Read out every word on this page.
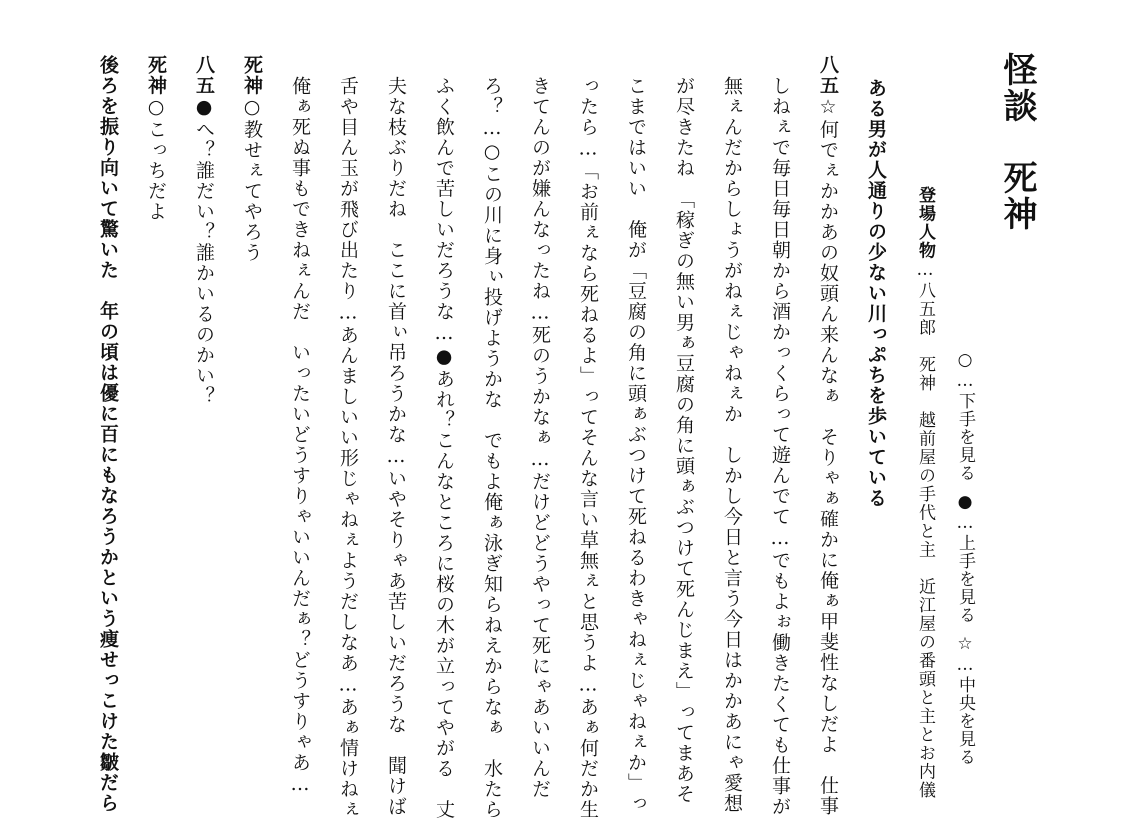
怪談　死神
○…下手を見る●…上手を見る☆…中央を見る
登場人物…八五郎　死神　越前屋の手代と主　近江屋の番頭と主とお内儀
ある男が人通りの少ない川っぷちを歩いている
八五☆何でぇかかあの奴頭ん来んなぁ　そりゃぁ確かに俺ぁ甲斐性なしだよ　仕事
しねぇで毎日毎日朝から酒かっくらって遊んでて…でもよぉ働きたくても仕事が
無ぇんだからしょうがねぇじゃねぇか　しかし今日と言う今日はかかあにゃ愛想
が尽きたね　「稼ぎの無い男ぁ豆腐の角に頭ぁぶつけて死んじまえ」ってまあそ
こまではいい　俺が「豆腐の角に頭ぁぶつけて死ねるわきゃねぇじゃねぇか」っ
ったら…「お前ぇなら死ねるよ」ってそんな言い草無ぇと思うよ…あぁ何だか生
きてんのが嫌んなったね…死のうかなぁ…だけどどうやって死にゃあいいんだ
ろ？…○この川に身ぃ投げようかな　でもよ俺ぁ泳ぎ知らねえからなぁ　水たら
ふく飲んで苦しいだろうな…●あれ？こんなところに桜の木が立ってやがる　丈
夫な枝ぶりだね　ここに首ぃ吊ろうかな…いやそりゃあ苦しいだろうな　聞けば
舌や目ん玉が飛び出たり…あんましいい形じゃねぇようだしなあ…あぁ情けねぇ
俺ぁ死ぬ事もできねぇんだ　いったいどうすりゃいいんだぁ？どうすりゃあ…
死神○教せぇてやろう
八五●へ？誰だい？誰かいるのかい？
死神○こっちだよ
後ろを振り向いて驚いた　年の頃は優に百にもなろうかという痩せっこけた皺だら
